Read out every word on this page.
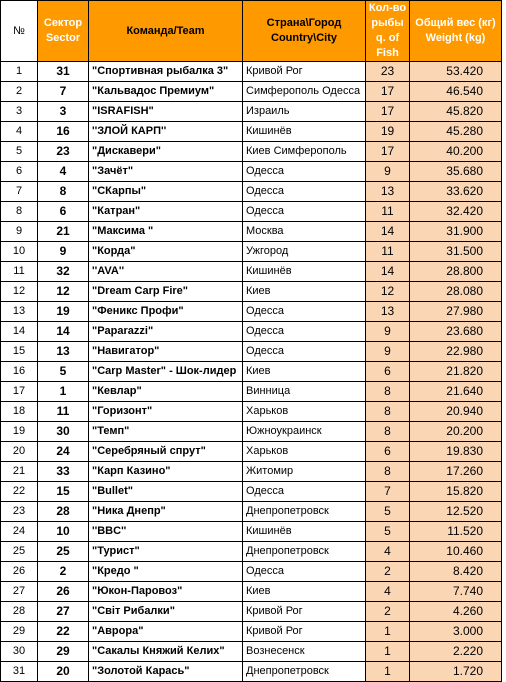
№	Сектор Sector	Команда/Team	Страна\Город Country\City	Кол-во рыбы q. of Fish	Общий вес (кг) Weight (kg)
1	31	"Спортивная рыбалка 3"	Кривой Рог	23	53.420
2	7	"Кальвадос Премиум"	Симферополь Одесса	17	46.540
3	3	"ISRAFISH"	Израиль	17	45.820
4	16	''ЗЛОЙ КАРП''	Кишинёв	19	45.280
5	23	"Дискавери"	Киев Симферополь	17	40.200
6	4	"Зачёт"	Одесса	9	35.680
7	8	"СКарпы"	Одесса	13	33.620
8	6	"Катран"	Одесса	11	32.420
9	21	"Максима "	Москва	14	31.900
10	9	"Корда"	Ужгород	11	31.500
11	32	''AVA''	Кишинёв	14	28.800
12	12	"Dream Carp Fire"	Киев	12	28.080
13	19	"Феникс Профи"	Одесса	13	27.980
14	14	"Paparazzi"	Одесса	9	23.680
15	13	"Навигатор"	Одесса	9	22.980
16	5	"Carp Master" - Шок-лидер	Киев	6	21.820
17	1	"Кевлар"	Винница	8	21.640
18	11	"Горизонт"	Харьков	8	20.940
19	30	"Темп"	Южноукраинск	8	20.200
20	24	"Серебряный спрут"	Харьков	6	19.830
21	33	"Карп Казино"	Житомир	8	17.260
22	15	"Bullet"	Одесса	7	15.820
23	28	"Ника Днепр"	Днепропетровск	5	12.520
24	10	''BBC''	Кишинёв	5	11.520
25	25	"Турист"	Днепропетровск	4	10.460
26	2	"Кредо "	Одесса	2	8.420
27	26	"Юкон-Паровоз"	Киев	4	7.740
28	27	"Світ Рибалки"	Кривой Рог	2	4.260
29	22	"Аврора"	Кривой Рог	1	3.000
30	29	"Сакалы Княжий Келих"	Вознесенск	1	2.220
31	20	"Золотой Карась"	Днепропетровск	1	1.720
